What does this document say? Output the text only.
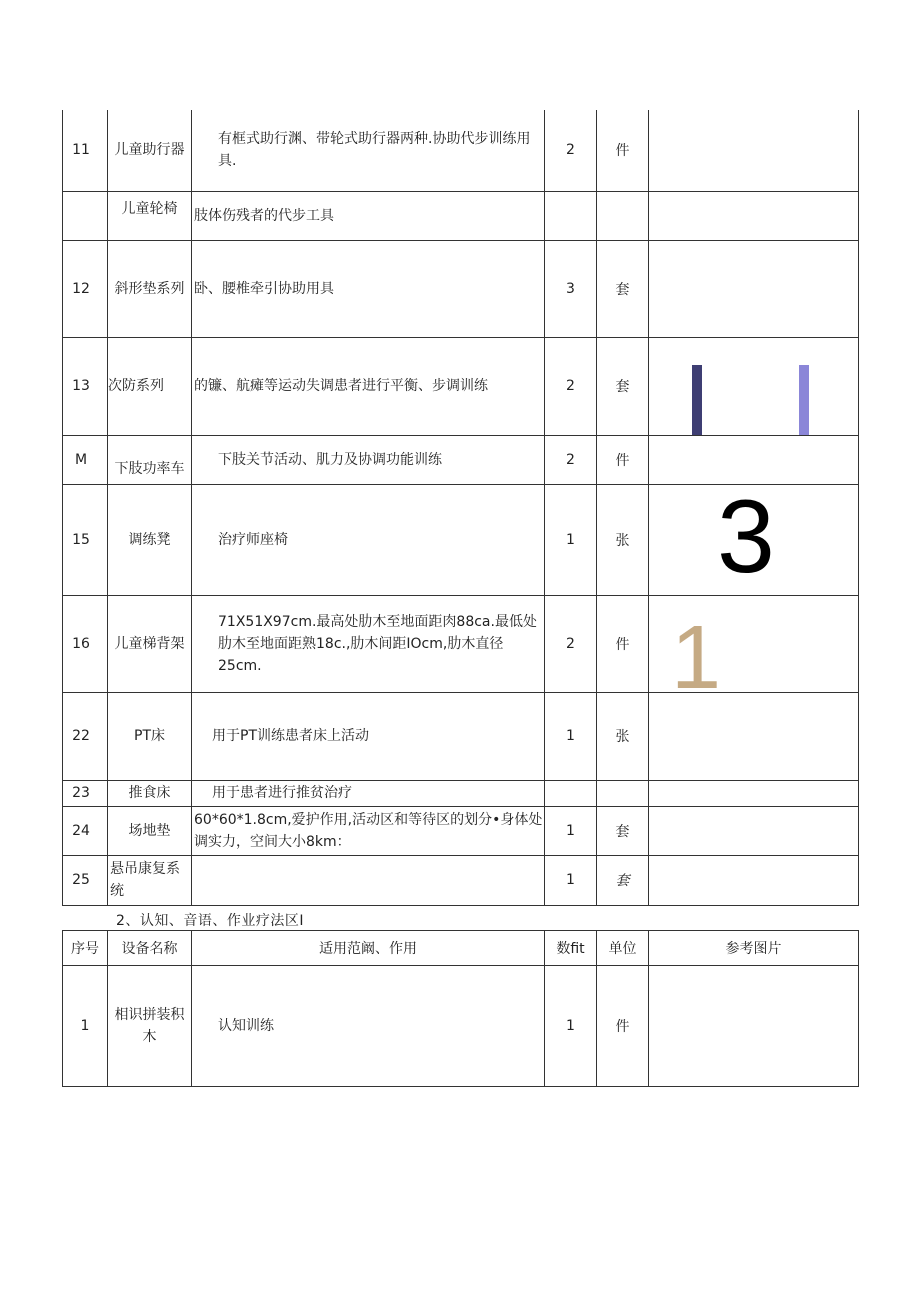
11	儿童助行器	有框式助行渊、带轮式助行器两种.协助代步训练用具.	2	件	
	儿童轮椅	肢体伤残者的代步工具			
12	斜形垫系列	卧、腰椎牵引协助用具	3	套	
13	次防系列	的镰、航瘫等运动失调患者进行平衡、步调训练	2	套	

M	下肢功率车	下肢关节活动、肌力及协调功能训练	2	件	
15	调练凳	治疗师座椅	1	张	3

16	儿童梯背架	71X51X97cm.最高处肋木至地面距肉88ca.最低处肋木至地面距熟18c.,肋木间距IOcm,肋木直径25cm.	2	件	1

22	PT床	用于PT训练患者床上活动	1	张	
23	推食床	用于患者进行推贫治疗			
24	场地垫	60*60*1.8cm,爱护作用,活动区和等待区的划分•身体处调实力，空间大小8km：	1	套	
25	悬吊康复系统		1	套	
2、认知、音语、作业疗法区I
序号	设备名称	适用范阚、作用	数fit	单位	参考图片
1	相识拼装积木	认知训练	1	件	
